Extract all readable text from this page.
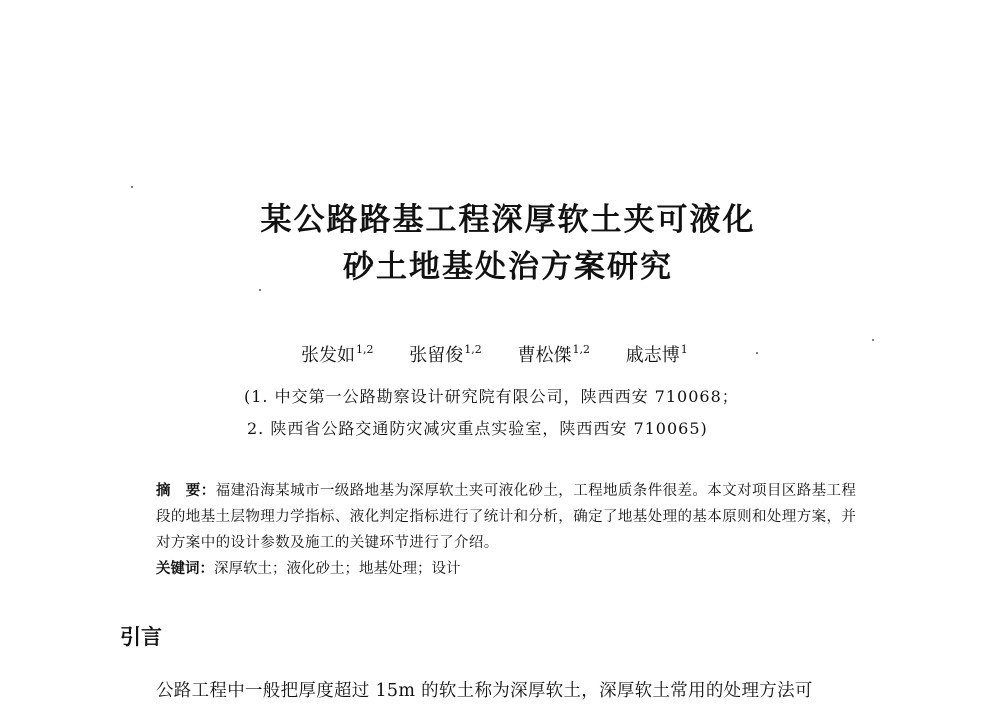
某公路路基工程深厚软土夹可液化
砂土地基处治方案研究
张发如$^{1,2}$ 张留俊$^{1,2}$ 曹松傑$^{1,2}$ 戚志博$^1$
(1. 中交第一公路勘察设计研究院有限公司，陕西西安 710068；
2. 陕西省公路交通防灾减灾重点实验室，陕西西安 710065)
摘　要：福建沿海某城市一级路地基为深厚软土夹可液化砂土，工程地质条件很差。本文对项目区路基工程段的地基土层物理力学指标、液化判定指标进行了统计和分析，确定了地基处理的基本原则和处理方案，并对方案中的设计参数及施工的关键环节进行了介绍。
关键词：深厚软土；液化砂土；地基处理；设计
引言
公路工程中一般把厚度超过 15m 的软土称为深厚软土，深厚软土常用的处理方法可
